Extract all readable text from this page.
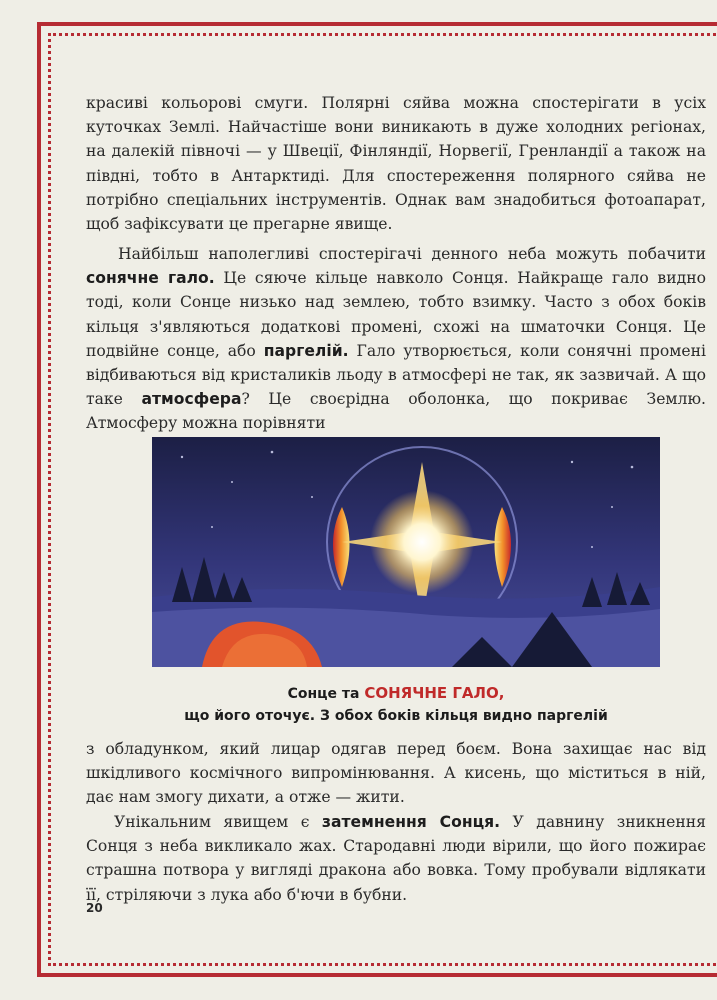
красиві кольорові смуги. Полярні сяйва можна спостерігати в усіх куточках Землі. Найчастіше вони виникають в дуже холодних регіонах, на далекій півночі — у Швеції, Фінляндії, Норвегії, Гренландії а також на півдні, тобто в Антарктиді. Для спостереження полярного сяйва не потрібно спеціальних інструментів. Однак вам знадобиться фотоапарат, щоб зафіксувати це прегарне явище.
Найбільш наполегливі спостерігачі денного неба можуть побачити сонячне гало. Це сяюче кільце навколо Сонця. Найкраще гало видно тоді, коли Сонце низько над землею, тобто взимку. Часто з обох боків кільця з'являються додаткові промені, схожі на шматочки Сонця. Це подвійне сонце, або паргелій. Гало утворюється, коли сонячні промені відбиваються від кристаликів льоду в атмосфері не так, як зазвичай. А що таке атмосфера? Це своєрідна оболонка, що покриває Землю. Атмосферу можна порівняти
Сонце та СОНЯЧНЕ ГАЛО,
що його оточує. З обох боків кільця видно паргелій
з обладунком, який лицар одягав перед боєм. Вона захищає нас від шкідливого космічного випромінювання. А кисень, що міститься в ній, дає нам змогу дихати, а отже — жити.
Унікальним явищем є затемнення Сонця. У давнину зникнення Сонця з неба викликало жах. Стародавні люди вірили, що його пожирає страшна потвора у вигляді дракона або вовка. Тому пробували відлякати її, стріляючи з лука або б'ючи в бубни.
20
